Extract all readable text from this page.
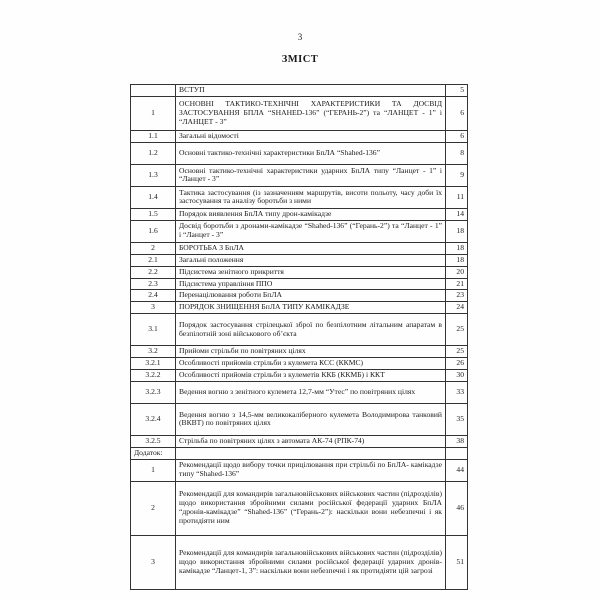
3
ЗМІСТ
	ВСТУП	5
1	ОСНОВНІ ТАКТИКО-ТЕХНІЧНІ ХАРАКТЕРИСТИКИ ТА ДОСВІД ЗАСТОСУВАННЯ БПЛА “SHAHED-136” (“ГЕРАНЬ-2”) та “ЛАНЦЕТ - 1” і “ЛАНЦЕТ - 3”	6
1.1	Загальні відомості	6
1.2	Основні тактико-технічні характеристики БпЛА “Shahed-136”	8
1.3	Основні тактико-технічні характеристики ударних БпЛА типу “Ланцет - 1” і “Ланцет - 3”	9
1.4	Тактика застосування (із зазначенням маршрутів, висоти польоту, часу доби їх застосування та аналізу боротьби з ними	11
1.5	Порядок виявлення БпЛА типу дрон-камікадзе	14
1.6	Досвід боротьби з дронами-камікадзе “Shahed-136” (“Герань-2”) та “Ланцет - 1” і “Ланцет - 3”	18
2	БОРОТЬБА З БпЛА	18
2.1	Загальні положення	18
2.2	Підсистема зенітного прикриття	20
2.3	Підсистема управління ППО	21
2.4	Перенацілювання роботи БпЛА	23
3	ПОРЯДОК ЗНИЩЕННЯ БпЛА ТИПУ КАМІКАДЗЕ	24
3.1	Порядок застосування стрілецької зброї по безпілотним літальним апаратам в безпілотній зоні військового об’єкта	25
3.2	Прийоми стрільби по повітряних цілях	25
3.2.1	Особливості прийомів стрільби з кулемета КСС (ККМС)	26
3.2.2	Особливості прийомів стрільби з кулеметів ККБ (ККМБ) і ККТ	30
3.2.3	Ведення вогню з зенітного кулемета 12,7-мм “Утес” по повітряних цілях	33
3.2.4	Ведення вогню з 14,5-мм великокаліберного кулемета Володимирова танковий (ВКВТ) по повітряних цілях	35
3.2.5	Стрільба по повітряних цілях з автомата АК-74 (РПК-74)	38
Додаток:		
1	Рекомендації щодо вибору точки прицілювання при стрільбі по БпЛА- камікадзе типу “Shahed-136”	44
2	Рекомендації для командирів загальновійськових військових частин (підрозділів) щодо використання збройними силами російської федерації ударних БпЛА “дронів-камікадзе” “Shahed-136” (“Герань-2”): наскільки вони небезпечні і як протидіяти ним	46
3	Рекомендації для командирів загальновійськових військових частин (підрозділів) щодо використання збройними силами російської федерації ударних дронів-камікадзе “Ланцет-1, 3”: наскільки вони небезпечні і як протидіяти цій загрозі	51
